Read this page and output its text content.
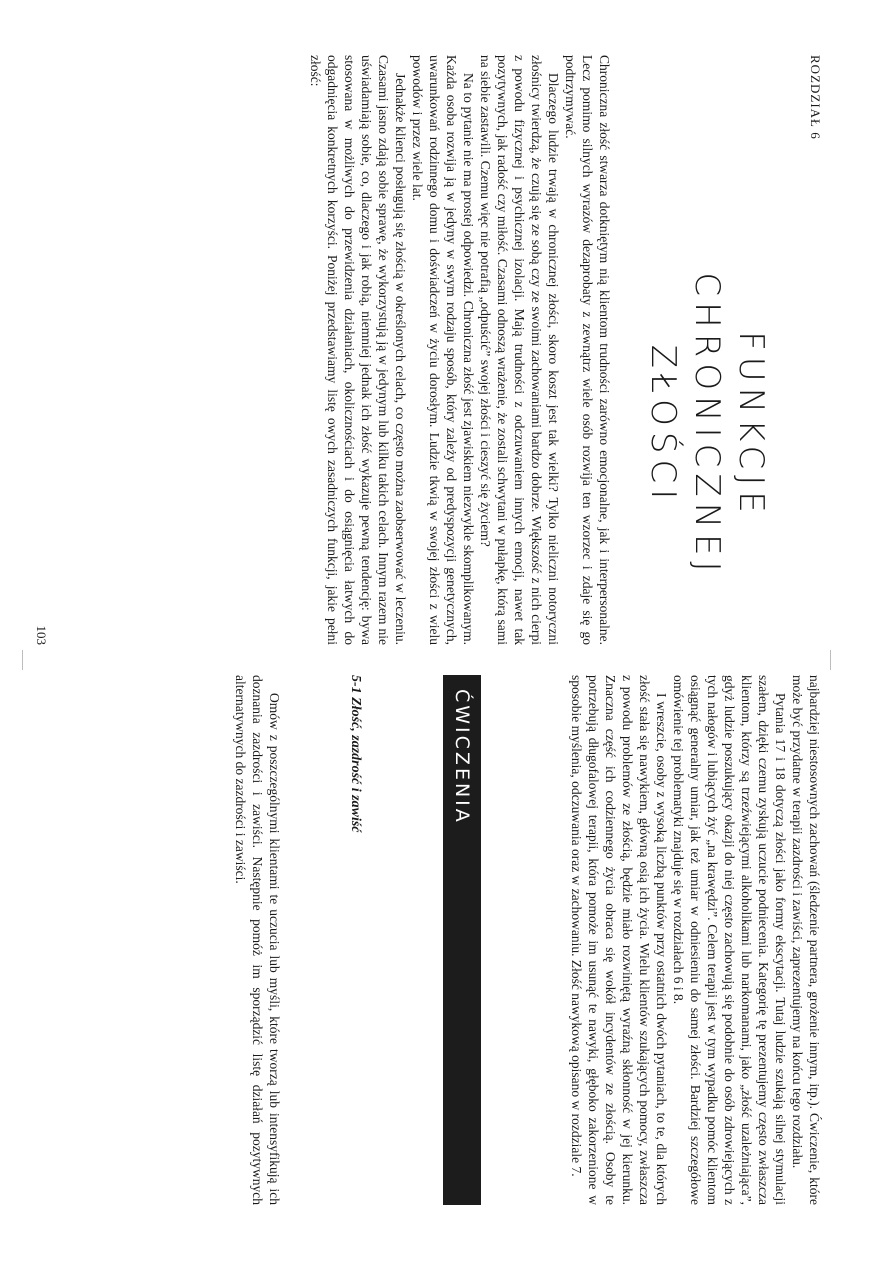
ROZDZIAŁ 6
FUNKCJE
CHRONICZNEJ ZŁOŚCI

Chroniczna złość stwarza dotkniętym nią klientom trudności zarówno emocjonalne, jak i interpersonalne. Lecz pomimo silnych wyrazów dezaprobaty z zewnątrz wiele osób rozwija ten wzorzec i zdaje się go podtrzymywać.

Dlaczego ludzie trwają w chronicznej złości, skoro koszt jest tak wielki? Tylko nieliczni notoryczni złośnicy twierdzą, że czują się ze sobą czy ze swoimi zachowaniami bardzo dobrze. Większość z nich cierpi z powodu fizycznej i psychicznej izolacji. Mają trudności z odczuwaniem innych emocji, nawet tak pozytywnych, jak radość czy miłość. Czasami odnoszą wrażenie, że zostali schwytani w pułapkę, którą sami na siebie zastawili. Czemu więc nie potrafią „odpuścić” swojej złości i cieszyć się życiem?

Na to pytanie nie ma prostej odpowiedzi. Chroniczna złość jest zjawiskiem niezwykle skomplikowanym. Każda osoba rozwija ją w jedyny w swym rodzaju sposób, który zależy od predyspozycji genetycznych, uwarunkowań rodzinnego domu i doświadczeń w życiu dorosłym. Ludzie tkwią w swojej złości z wielu powodów i przez wiele lat.

Jednakże klienci posługują się złością w określonych celach, co często można zaobserwować w leczeniu. Czasami jasno zdają sobie sprawę, że wykorzystują ją w jedynym lub kilku takich celach. Innym razem nie uświadamiają sobie, co, dlaczego i jak robią, niemniej jednak ich złość wykazuje pewną tendencję: bywa stosowana w możliwych do przewidzenia działaniach, okolicznościach i do osiągnięcia łatwych do odgadnięcia konkretnych korzyści. Poniżej przedstawiamy listę owych zasadniczych funkcji, jakie pełni złość:

103

najbardziej niestosownych zachowań (śledzenie partnera, grożenie innym, itp.). Ćwiczenie, które może być przydatne w terapii zazdrości i zawiści, zaprezentujemy na końcu tego rozdziału.

Pytania 17 i 18 dotyczą złości jako formy ekscytacji. Tutaj ludzie szukają silnej stymulacji szałem, dzięki czemu zyskują uczucie podniecenia. Kategorię tę prezentujemy często zwłaszcza klientom, którzy są trzeźwiejącymi alkoholikami lub narkomanami, jako „złość uzależniająca”, gdyż ludzie poszukujący okazji do niej często zachowują się podobnie do osób zdrowiejących z tych nałogów i lubiących żyć „na krawędzi”. Celem terapii jest w tym wypadku pomóc klientom osiągnąć generalny umiar, jak też umiar w odniesieniu do samej złości. Bardziej szczegółowe omówienie tej problematyki znajduje się w rozdziałach 6 i 8.

I wreszcie, osoby z wysoką liczbą punktów przy ostatnich dwóch pytaniach, to te, dla których złość stała się nawykiem, główną osią ich życia. Wielu klientów szukających pomocy, zwłaszcza z powodu problemów ze złością, będzie miało rozwiniętą wyraźną skłonność w jej kierunku. Znaczna część ich codziennego życia obraca się wokół incydentów ze złością. Osoby te potrzebują długofalowej terapii, która pomoże im usunąć te nawyki, głęboko zakorzenione w sposobie myślenia, odczuwania oraz w zachowaniu. Złość nawykową opisano w rozdziale 7.

ĆWICZENIA
5-1 Złość, zazdrość i zawiść

Omów z poszczególnymi klientami te uczucia lub myśli, które tworzą lub intensyfikują ich doznania zazdrości i zawiści. Następnie pomóż im sporządzić listę działań pozytywnych alternatywnych do zazdrości i zawiści.
